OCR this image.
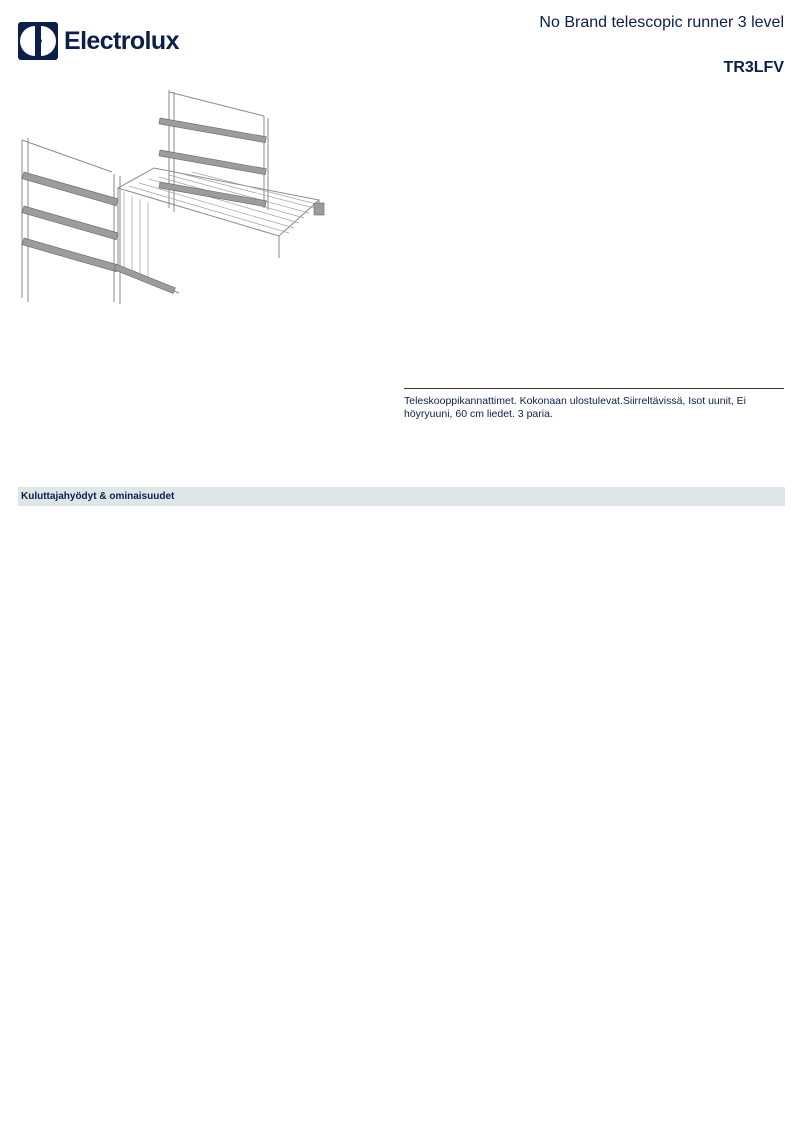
Electrolux
No Brand telescopic runner 3 level
TR3LFV
Teleskooppikannattimet. Kokonaan ulostulevat.Siirreltävissä, Isot uunit, Ei höyryuuni, 60 cm liedet. 3 paria.
Kuluttajahyödyt & ominaisuudet
